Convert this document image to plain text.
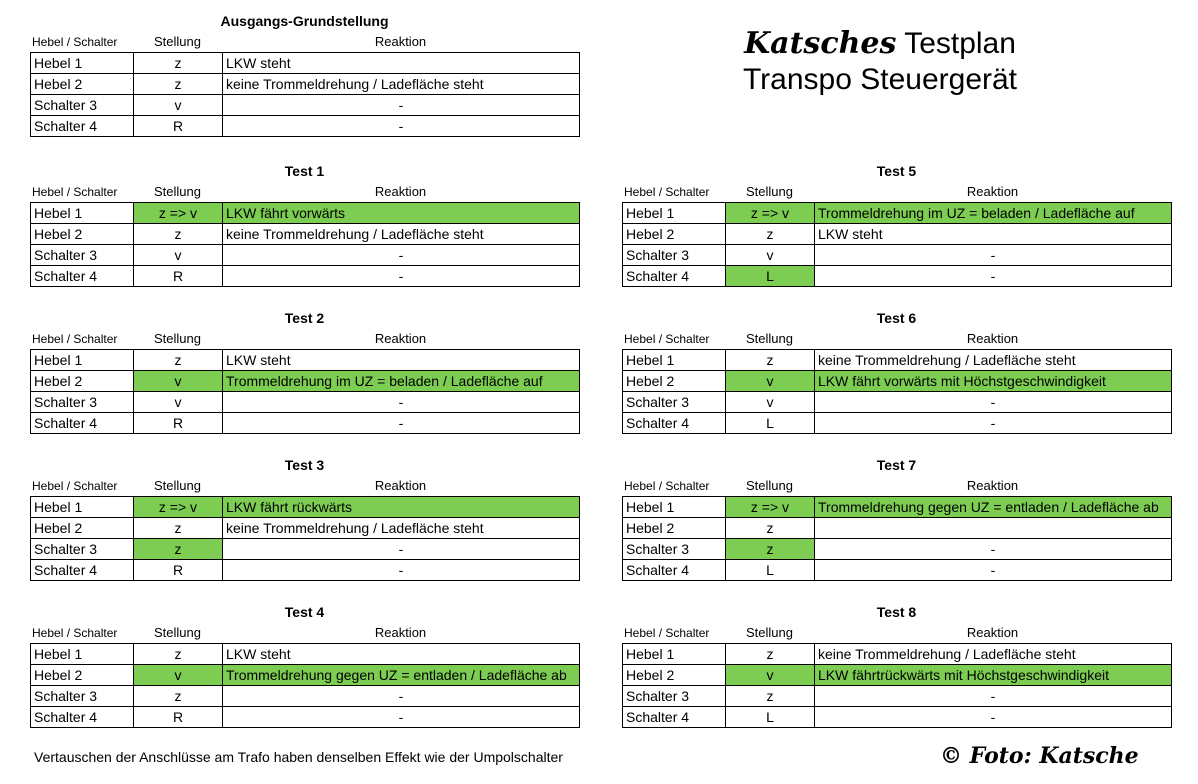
Katsches Testplan
Transpo Steuergerät
Ausgangs-Grundstellung
Hebel / Schalter	Stellung	Reaktion
Hebel 1	z	LKW steht
Hebel 2	z	keine Trommeldrehung / Ladefläche steht
Schalter 3	v	-
Schalter 4	R	-
Test 1
Hebel / Schalter	Stellung	Reaktion
Hebel 1	z => v	LKW fährt vorwärts
Hebel 2	z	keine Trommeldrehung / Ladefläche steht
Schalter 3	v	-
Schalter 4	R	-
Test 2
Hebel / Schalter	Stellung	Reaktion
Hebel 1	z	LKW steht
Hebel 2	v	Trommeldrehung im UZ = beladen / Ladefläche auf
Schalter 3	v	-
Schalter 4	R	-
Test 3
Hebel / Schalter	Stellung	Reaktion
Hebel 1	z => v	LKW fährt rückwärts
Hebel 2	z	keine Trommeldrehung / Ladefläche steht
Schalter 3	z	-
Schalter 4	R	-
Test 4
Hebel / Schalter	Stellung	Reaktion
Hebel 1	z	LKW steht
Hebel 2	v	Trommeldrehung gegen UZ = entladen / Ladefläche ab
Schalter 3	z	-
Schalter 4	R	-
Test 5
Hebel / Schalter	Stellung	Reaktion
Hebel 1	z => v	Trommeldrehung im UZ = beladen / Ladefläche auf
Hebel 2	z	LKW steht
Schalter 3	v	-
Schalter 4	L	-
Test 6
Hebel / Schalter	Stellung	Reaktion
Hebel 1	z	keine Trommeldrehung / Ladefläche steht
Hebel 2	v	LKW fährt vorwärts mit Höchstgeschwindigkeit
Schalter 3	v	-
Schalter 4	L	-
Test 7
Hebel / Schalter	Stellung	Reaktion
Hebel 1	z => v	Trommeldrehung gegen UZ = entladen / Ladefläche ab
Hebel 2	z	
Schalter 3	z	-
Schalter 4	L	-
Test 8
Hebel / Schalter	Stellung	Reaktion
Hebel 1	z	keine Trommeldrehung / Ladefläche steht
Hebel 2	v	LKW fährtrückwärts mit Höchstgeschwindigkeit
Schalter 3	z	-
Schalter 4	L	-
Vertauschen der Anschlüsse am Trafo haben denselben Effekt wie der Umpolschalter	© Foto: Katsche
